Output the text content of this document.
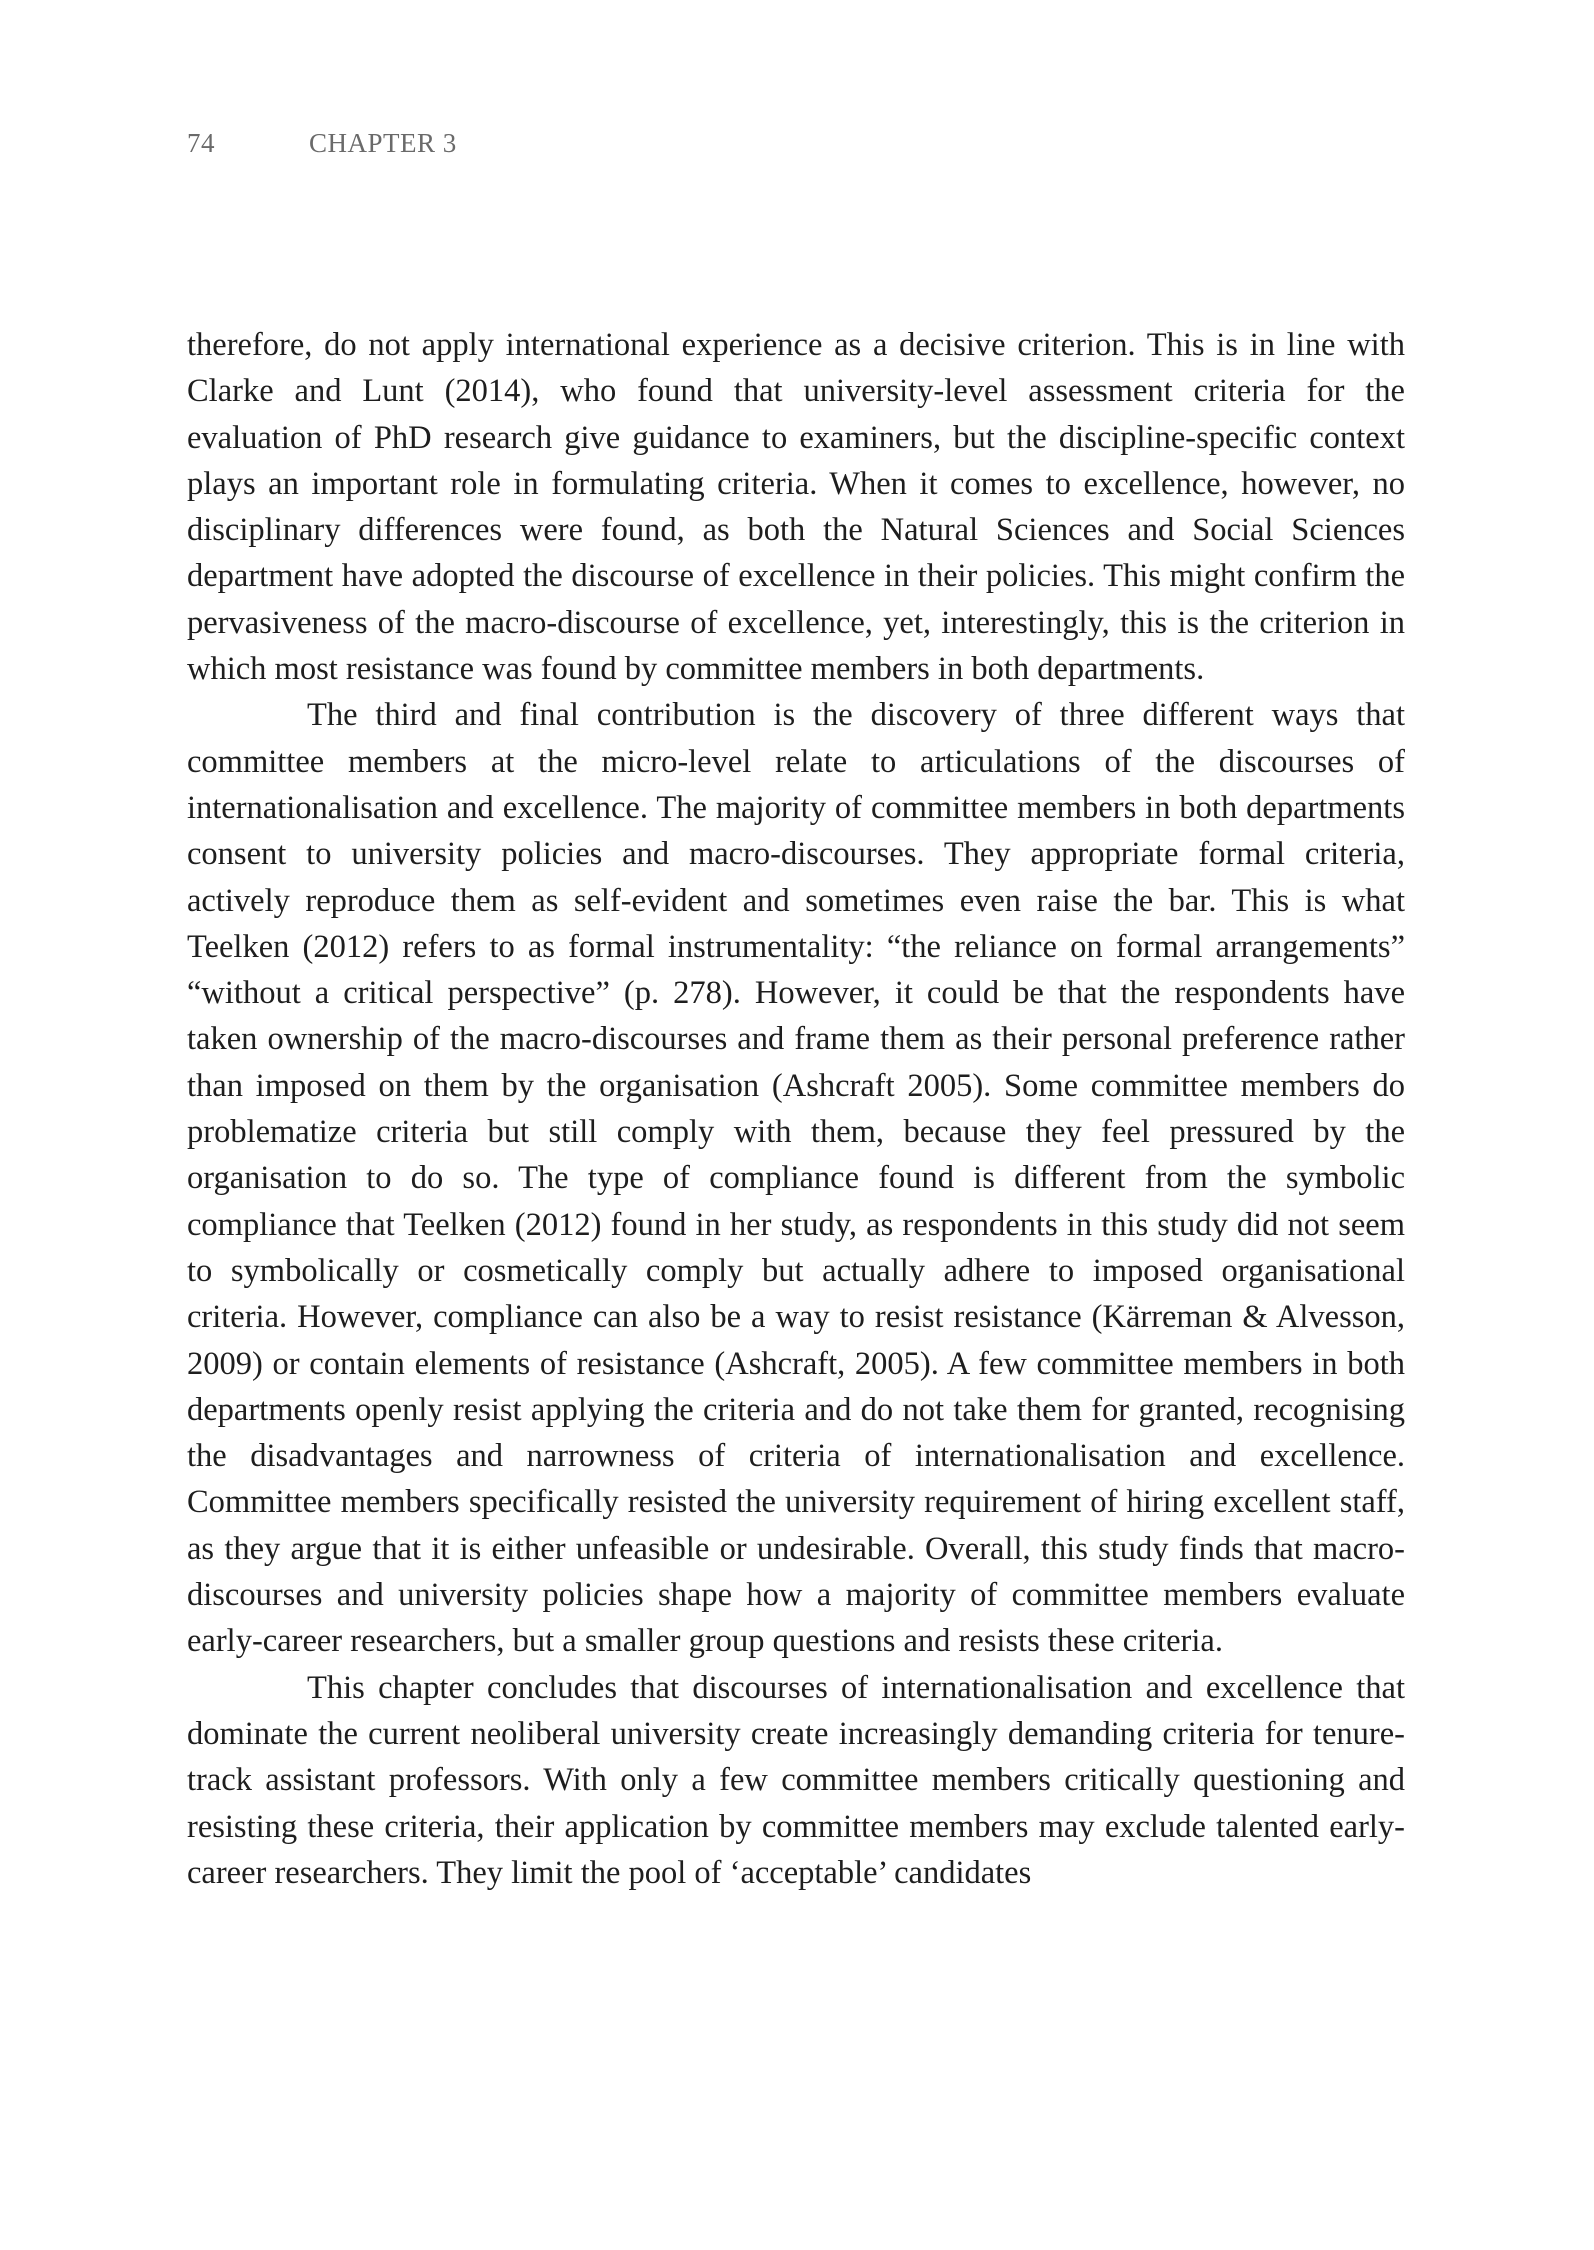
74	CHAPTER 3

therefore, do not apply international experience as a decisive criterion. This is in line with Clarke and Lunt (2014), who found that university-level assessment criteria for the evaluation of PhD research give guidance to examiners, but the discipline-specific context plays an important role in formulating criteria. When it comes to excellence, however, no disciplinary differences were found, as both the Natural Sciences and Social Sciences department have adopted the discourse of excellence in their policies. This might confirm the pervasiveness of the macro-discourse of excellence, yet, interestingly, this is the criterion in which most resistance was found by committee members in both departments.

The third and final contribution is the discovery of three different ways that committee members at the micro-level relate to articulations of the discourses of internationalisation and excellence. The majority of committee members in both departments consent to university policies and macro-discourses. They appropriate formal criteria, actively reproduce them as self-evident and sometimes even raise the bar. This is what Teelken (2012) refers to as formal instrumentality: “the reliance on formal arrangements” “without a critical perspective” (p. 278). However, it could be that the respondents have taken ownership of the macro-discourses and frame them as their personal preference rather than imposed on them by the organisation (Ashcraft 2005). Some committee members do problematize criteria but still comply with them, because they feel pressured by the organisation to do so. The type of compliance found is different from the symbolic compliance that Teelken (2012) found in her study, as respondents in this study did not seem to symbolically or cosmetically comply but actually adhere to imposed organisational criteria. However, compliance can also be a way to resist resistance (Kärreman & Alvesson, 2009) or contain elements of resistance (Ashcraft, 2005). A few committee members in both departments openly resist applying the criteria and do not take them for granted, recognising the disadvantages and narrowness of criteria of internationalisation and excellence. Committee members specifically resisted the university requirement of hiring excellent staff, as they argue that it is either unfeasible or undesirable. Overall, this study finds that macro-discourses and university policies shape how a majority of committee members evaluate early-career researchers, but a smaller group questions and resists these criteria.

This chapter concludes that discourses of internationalisation and excellence that dominate the current neoliberal university create increasingly demanding criteria for tenure-track assistant professors. With only a few committee members critically questioning and resisting these criteria, their application by committee members may exclude talented early-career researchers. They limit the pool of ‘acceptable’ candidates
